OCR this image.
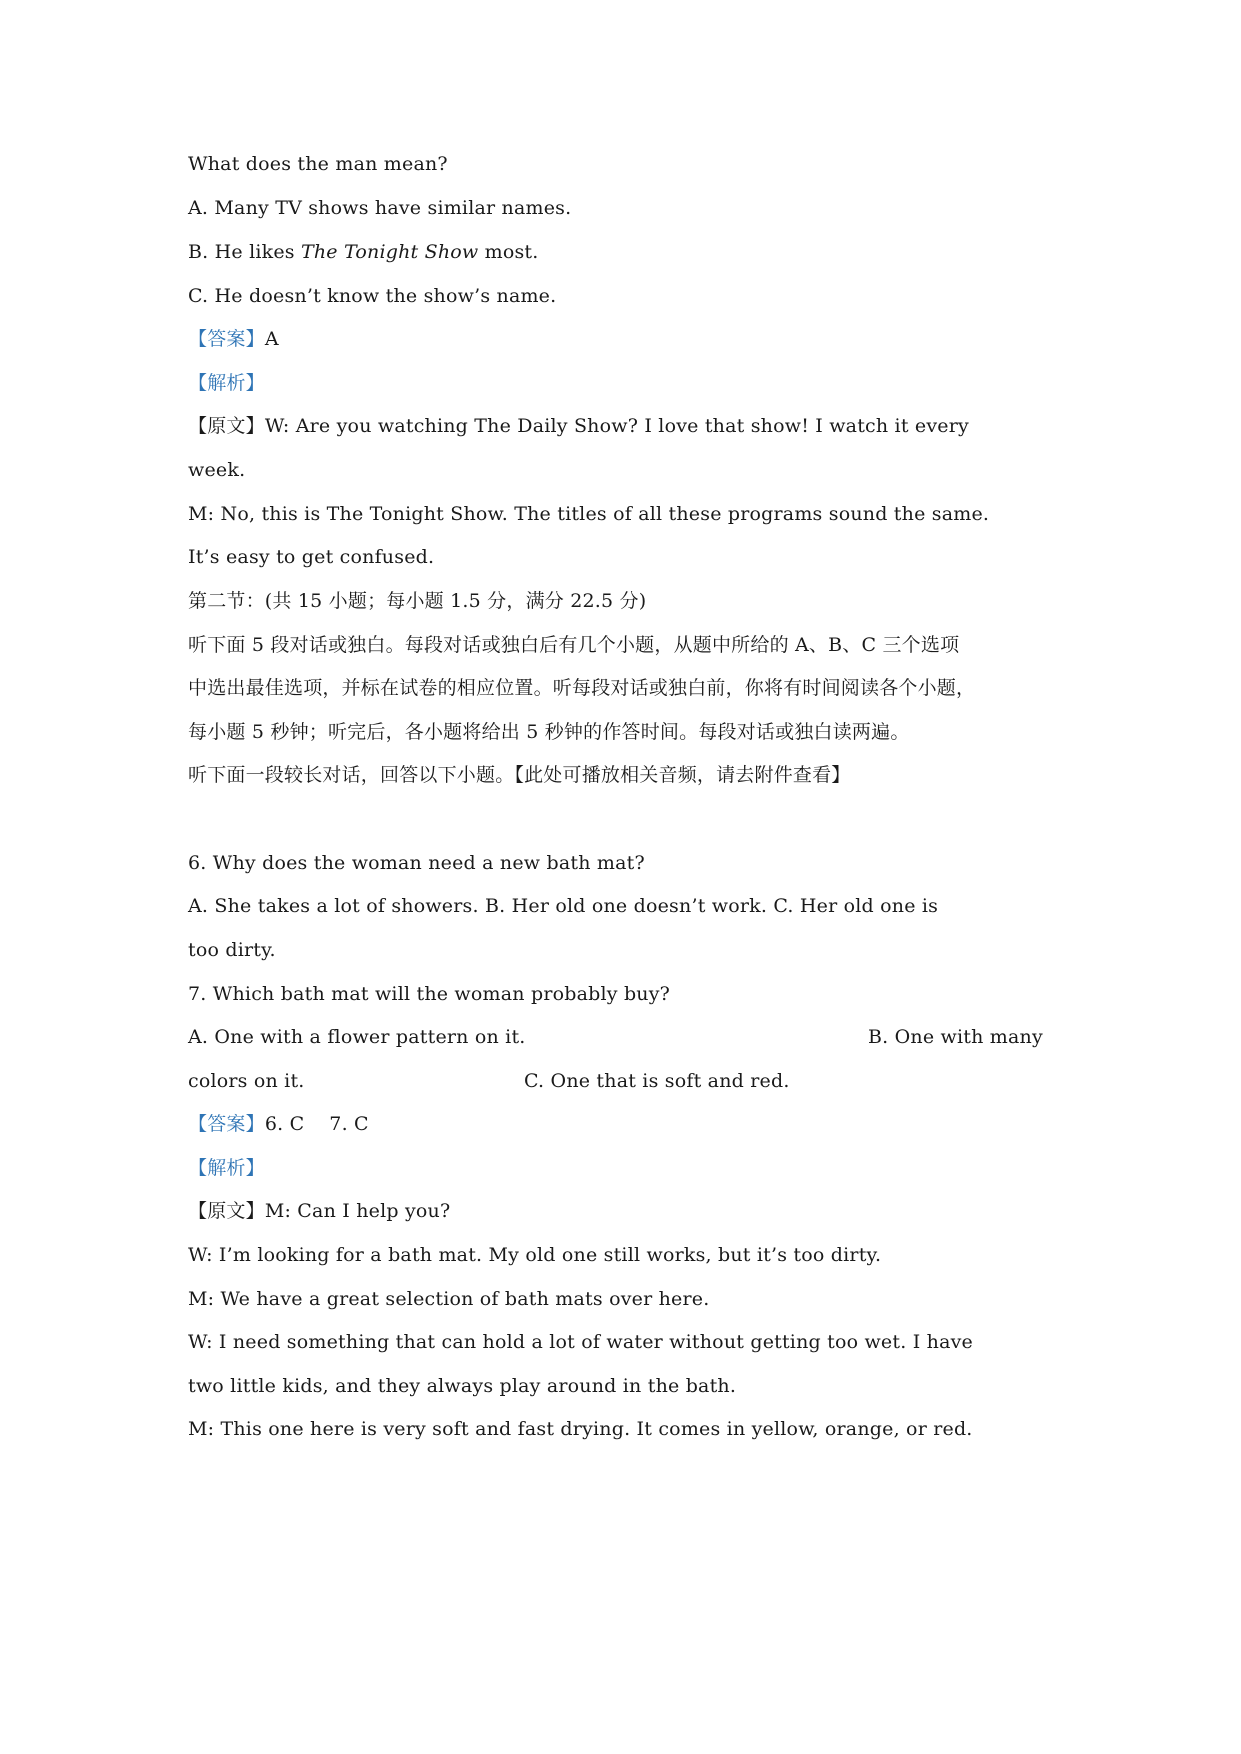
What does the man mean?
A. Many TV shows have similar names.
B. He likes The Tonight Show most.
C. He doesn’t know the show’s name.
【答案】A
【解析】
【原文】W: Are you watching The Daily Show? I love that show! I watch it every
week.
M: No, this is The Tonight Show. The titles of all these programs sound the same.
It’s easy to get confused.
第二节：(共 15 小题；每小题 1.5 分，满分 22.5 分)
听下面 5 段对话或独白。每段对话或独白后有几个小题，从题中所给的 A、B、C 三个选项
中选出最佳选项，并标在试卷的相应位置。听每段对话或独白前，你将有时间阅读各个小题，
每小题 5 秒钟；听完后，各小题将给出 5 秒钟的作答时间。每段对话或独白读两遍。
听下面一段较长对话，回答以下小题。【此处可播放相关音频，请去附件查看】
6. Why does the woman need a new bath mat?
A. She takes a lot of showers. B. Her old one doesn’t work. C. Her old one is
too dirty.
7. Which bath mat will the woman probably buy?
A. One with a flower pattern on it.	B. One with many
colors on it.	C. One that is soft and red.
【答案】6. C    7. C
【解析】
【原文】M: Can I help you?
W: I’m looking for a bath mat. My old one still works, but it’s too dirty.
M: We have a great selection of bath mats over here.
W: I need something that can hold a lot of water without getting too wet. I have
two little kids, and they always play around in the bath.
M: This one here is very soft and fast drying. It comes in yellow, orange, or red.
